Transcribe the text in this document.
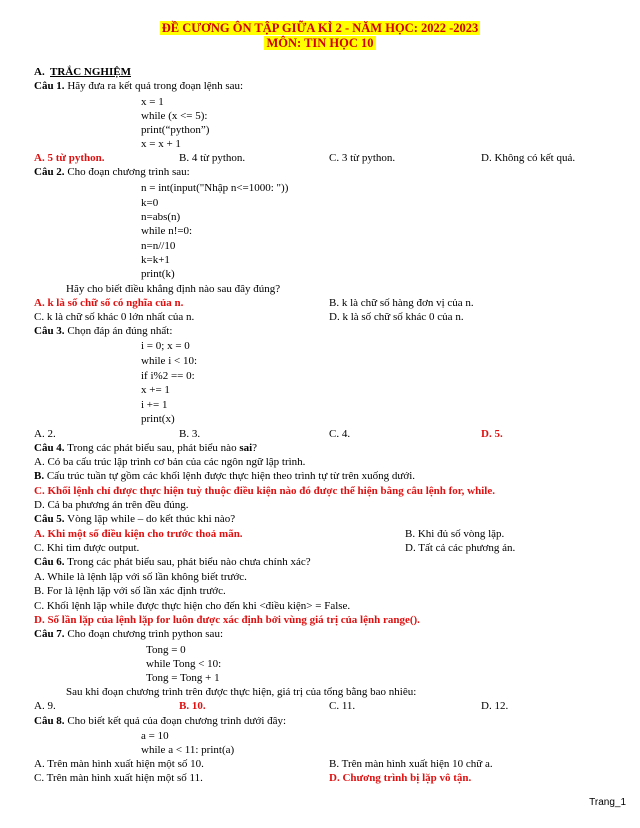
ĐỀ CƯƠNG ÔN TẬP GIỮA KÌ 2 - NĂM HỌC: 2022 -2023
MÔN: TIN HỌC 10
A. TRẮC NGHIỆM
Câu 1. Hãy đưa ra kết quả trong đoạn lệnh sau:
x = 1
while (x <= 5):
print(“python”)
x = x + 1
A. 5 từ python.	B. 4 từ python.	C. 3 từ python.	D. Không có kết quả.
Câu 2. Cho đoạn chương trình sau:
n = int(input("Nhập n<=1000: "))
k=0
n=abs(n)
while n!=0:
n=n//10
k=k+1
print(k)
Hãy cho biết điều khẳng định nào sau đây đúng?
A. k là số chữ số có nghĩa của n.	B. k là chữ số hàng đơn vị của n.
C. k là chữ số khác 0 lớn nhất của n.	D. k là số chữ số khác 0 của n.
Câu 3. Chọn đáp án đúng nhất:
i = 0; x = 0
while i < 10:
if i%2 == 0:
x += 1
i += 1
print(x)
A. 2.	B. 3.	C. 4.	D. 5.
Câu 4. Trong các phát biểu sau, phát biểu nào sai?
A. Có ba cấu trúc lập trình cơ bản của các ngôn ngữ lập trình.
B. Cấu trúc tuần tự gồm các khối lệnh được thực hiện theo trình tự từ trên xuống dưới.
C. Khối lệnh chỉ được thực hiện tuỳ thuộc điều kiện nào đó được thể hiện bằng câu lệnh for, while.
D. Cả ba phương án trên đều đúng.
Câu 5. Vòng lặp while – do kết thúc khi nào?
A. Khi một số điều kiện cho trước thoả mãn.	B. Khi đủ số vòng lặp.
C. Khi tìm được output.	D. Tất cả các phương án.
Câu 6. Trong các phát biểu sau, phát biểu nào chưa chính xác?
A. While là lệnh lặp với số lần không biết trước.
B. For là lệnh lặp với số lần xác định trước.
C. Khối lệnh lặp while được thực hiện cho đến khi <điều kiện> = False.
D. Số lần lặp của lệnh lặp for luôn được xác định bởi vùng giá trị của lệnh range().
Câu 7. Cho đoạn chương trình python sau:
Tong = 0
while Tong < 10:
Tong = Tong + 1
Sau khi đoạn chương trình trên được thực hiện, giá trị của tổng bằng bao nhiêu:
A. 9.	B. 10.	C. 11.	D. 12.
Câu 8. Cho biết kết quả của đoạn chương trình dưới đây:
a = 10
while a < 11: print(a)
A. Trên màn hình xuất hiện một số 10.	B. Trên màn hình xuất hiện 10 chữ a.
C. Trên màn hình xuất hiện một số 11.	D. Chương trình bị lặp vô tận.
Trang_1
